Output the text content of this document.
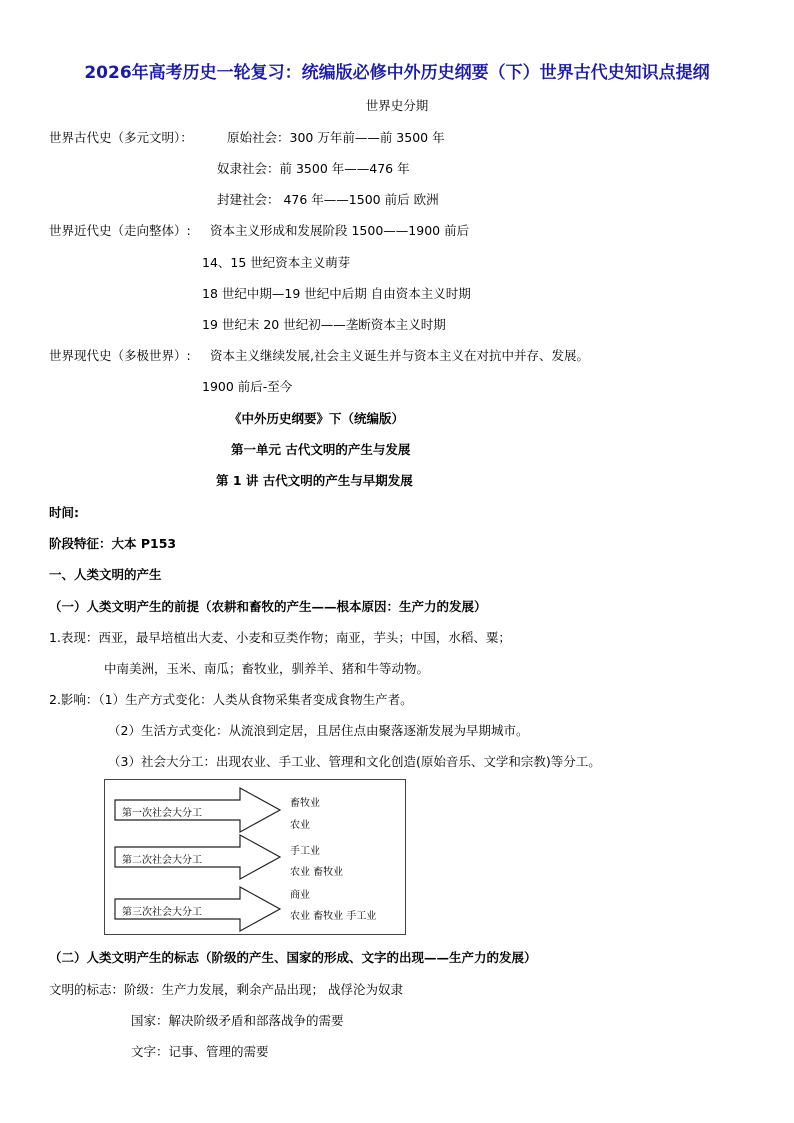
2026年高考历史一轮复习：统编版必修中外历史纲要（下）世界古代史知识点提纲
世界史分期
世界古代史（多元文明）：	原始社会：300 万年前——前 3500 年
奴隶社会：前 3500 年——476 年
封建社会： 476 年——1500 前后 欧洲
世界近代史（走向整体）: 资本主义形成和发展阶段 1500——1900 前后
14、15 世纪资本主义萌芽
18 世纪中期—19 世纪中后期 自由资本主义时期
19 世纪末 20 世纪初——垄断资本主义时期
世界现代史（多极世界）: 资本主义继续发展,社会主义诞生并与资本主义在对抗中并存、发展。
1900 前后-至今
《中外历史纲要》下（统编版）
第一单元 古代文明的产生与发展
第 1 讲 古代文明的产生与早期发展
时间:
阶段特征：大本 P153
一、人类文明的产生
（一）人类文明产生的前提（农耕和畜牧的产生——根本原因：生产力的发展）
1.表现：西亚，最早培植出大麦、小麦和豆类作物；南亚，芋头；中国，水稻、粟；
中南美洲，玉米、南瓜；畜牧业，驯养羊、猪和牛等动物。
2.影响：（1）生产方式变化：人类从食物采集者变成食物生产者。
（2）生活方式变化：从流浪到定居，且居住点由聚落逐渐发展为早期城市。
（3）社会大分工：出现农业、手工业、管理和文化创造(原始音乐、文学和宗教)等分工。
第一次社会大分工
第二次社会大分工
第三次社会大分工
畜牧业
农业
手工业
农业 畜牧业
商业
农业 畜牧业 手工业
（二）人类文明产生的标志（阶级的产生、国家的形成、文字的出现——生产力的发展）
文明的标志：阶级：生产力发展，剩余产品出现； 战俘沦为奴隶
国家：解决阶级矛盾和部落战争的需要
文字：记事、管理的需要
